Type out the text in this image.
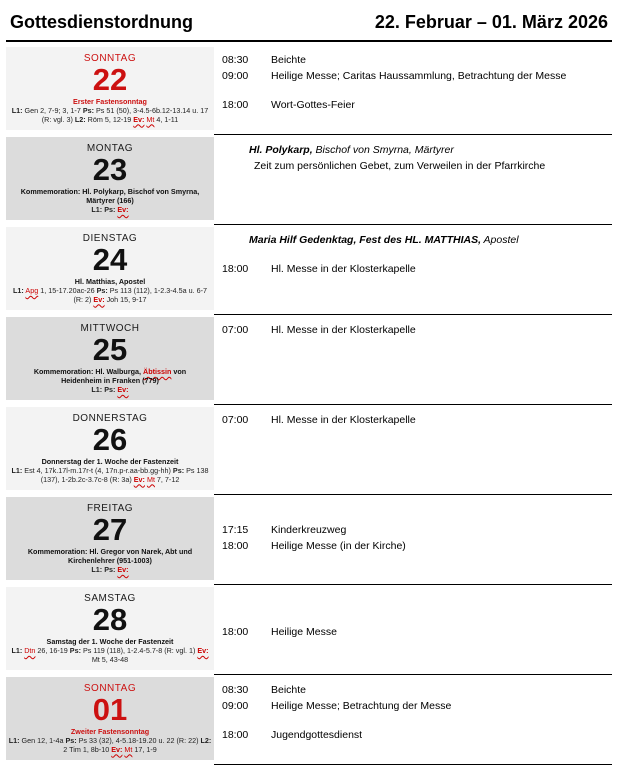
Gottesdienstordnung	22. Februar – 01. März 2026
SONNTAG
22
Erster Fastensonntag
L1: Gen 2, 7-9; 3, 1-7 Ps: Ps 51 (50), 3-4.5-6b.12-13.14 u. 17 (R: vgl. 3) L2: Röm 5, 12-19 Ev: Mt 4, 1-11
08:30 Beichte
09:00 Heilige Messe; Caritas Haussammlung, Betrachtung der Messe
18:00 Wort-Gottes-Feier
MONTAG
23
Kommemoration: Hl. Polykarp, Bischof von Smyrna, Märtyrer (166)
L1: Ps: Ev:
Hl. Polykarp, Bischof von Smyrna, Märtyrer
Zeit zum persönlichen Gebet, zum Verweilen in der Pfarrkirche
DIENSTAG
24
Hl. Matthias, Apostel
L1: Apg 1, 15-17.20ac-26 Ps: Ps 113 (112), 1-2.3-4.5a u. 6-7 (R: 2) Ev: Joh 15, 9-17
Maria Hilf Gedenktag, Fest des HL. MATTHIAS, Apostel
18:00 Hl. Messe in der Klosterkapelle
MITTWOCH
25
Kommemoration: Hl. Walburga, Äbtissin von Heidenheim in Franken (779)
L1: Ps: Ev:
07:00 Hl. Messe in der Klosterkapelle
DONNERSTAG
26
Donnerstag der 1. Woche der Fastenzeit
L1: Est 4, 17k.17l-m.17r-t (4, 17n.p-r.aa-bb.gg-hh) Ps: Ps 138 (137), 1-2b.2c-3.7c-8 (R: 3a) Ev: Mt 7, 7-12
07:00 Hl. Messe in der Klosterkapelle
FREITAG
27
Kommemoration: Hl. Gregor von Narek, Abt und Kirchenlehrer (951-1003)
L1: Ps: Ev:
17:15 Kinderkreuzweg
18:00 Heilige Messe (in der Kirche)
SAMSTAG
28
Samstag der 1. Woche der Fastenzeit
L1: Dtn 26, 16-19 Ps: Ps 119 (118), 1-2.4-5.7-8 (R: vgl. 1) Ev: Mt 5, 43-48
18:00 Heilige Messe
SONNTAG
01
Zweiter Fastensonntag
L1: Gen 12, 1-4a Ps: Ps 33 (32), 4-5.18-19.20 u. 22 (R: 22) L2: 2 Tim 1, 8b-10 Ev: Mt 17, 1-9
08:30 Beichte
09:00 Heilige Messe; Betrachtung der Messe
18:00 Jugendgottesdienst
